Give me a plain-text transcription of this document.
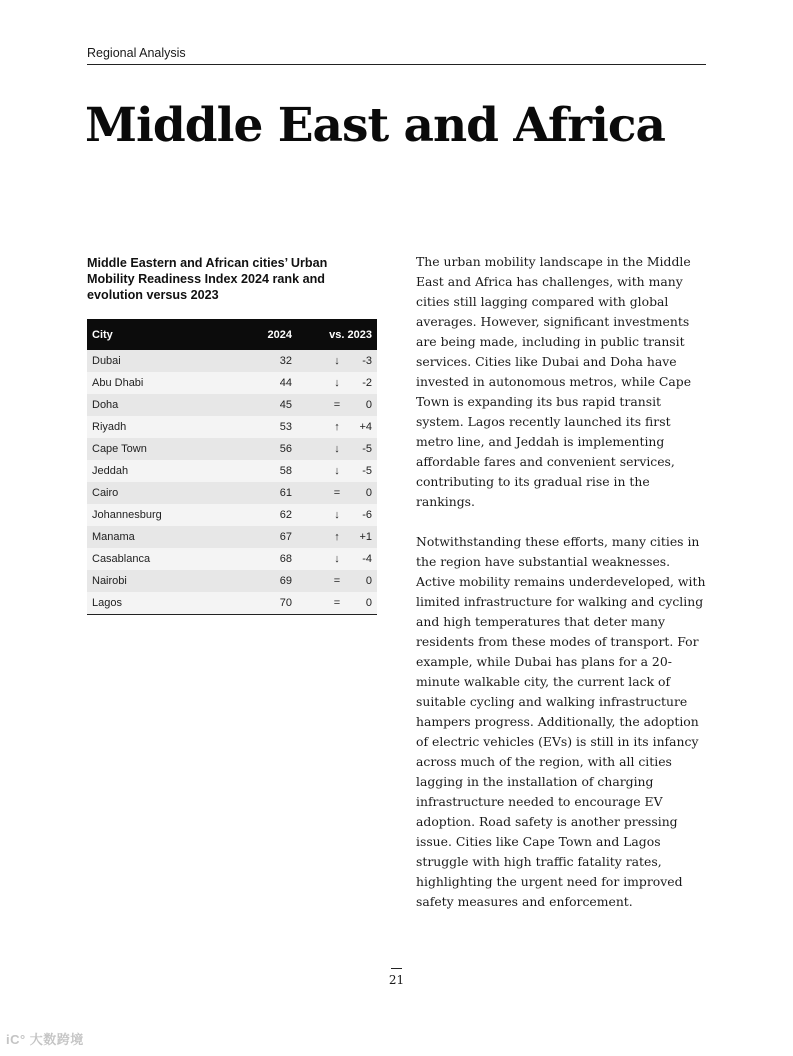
Regional Analysis
Middle East and Africa

Middle Eastern and African cities’ Urban Mobility Readiness Index 2024 rank and evolution versus 2023

City	2024	vs. 2023
Dubai	32	↓ -3

Abu Dhabi	44	↓ -2

Doha	45	= 0

Riyadh	53	↑ +4

Cape Town	56	↓ -5

Jeddah	58	↓ -5

Cairo	61	= 0

Johannesburg	62	↓ -6

Manama	67	↑ +1

Casablanca	68	↓ -4

Nairobi	69	= 0

Lagos	70	= 0

The urban mobility landscape in the Middle East and Africa has challenges, with many cities still lagging compared with global averages. However, significant investments are being made, including in public transit services. Cities like Dubai and Doha have invested in autonomous metros, while Cape Town is expanding its bus rapid transit system. Lagos recently launched its first metro line, and Jeddah is implementing affordable fares and convenient services, contributing to its gradual rise in the rankings.

Notwithstanding these efforts, many cities in the region have substantial weaknesses. Active mobility remains underdeveloped, with limited infrastructure for walking and cycling and high temperatures that deter many residents from these modes of transport. For example, while Dubai has plans for a 20-minute walkable city, the current lack of suitable cycling and walking infrastructure hampers progress. Additionally, the adoption of electric vehicles (EVs) is still in its infancy across much of the region, with all cities lagging in the installation of charging infrastructure needed to encourage EV adoption. Road safety is another pressing issue. Cities like Cape Town and Lagos struggle with high traffic fatality rates, highlighting the urgent need for improved safety measures and enforcement.

21
iC° 大数跨境
